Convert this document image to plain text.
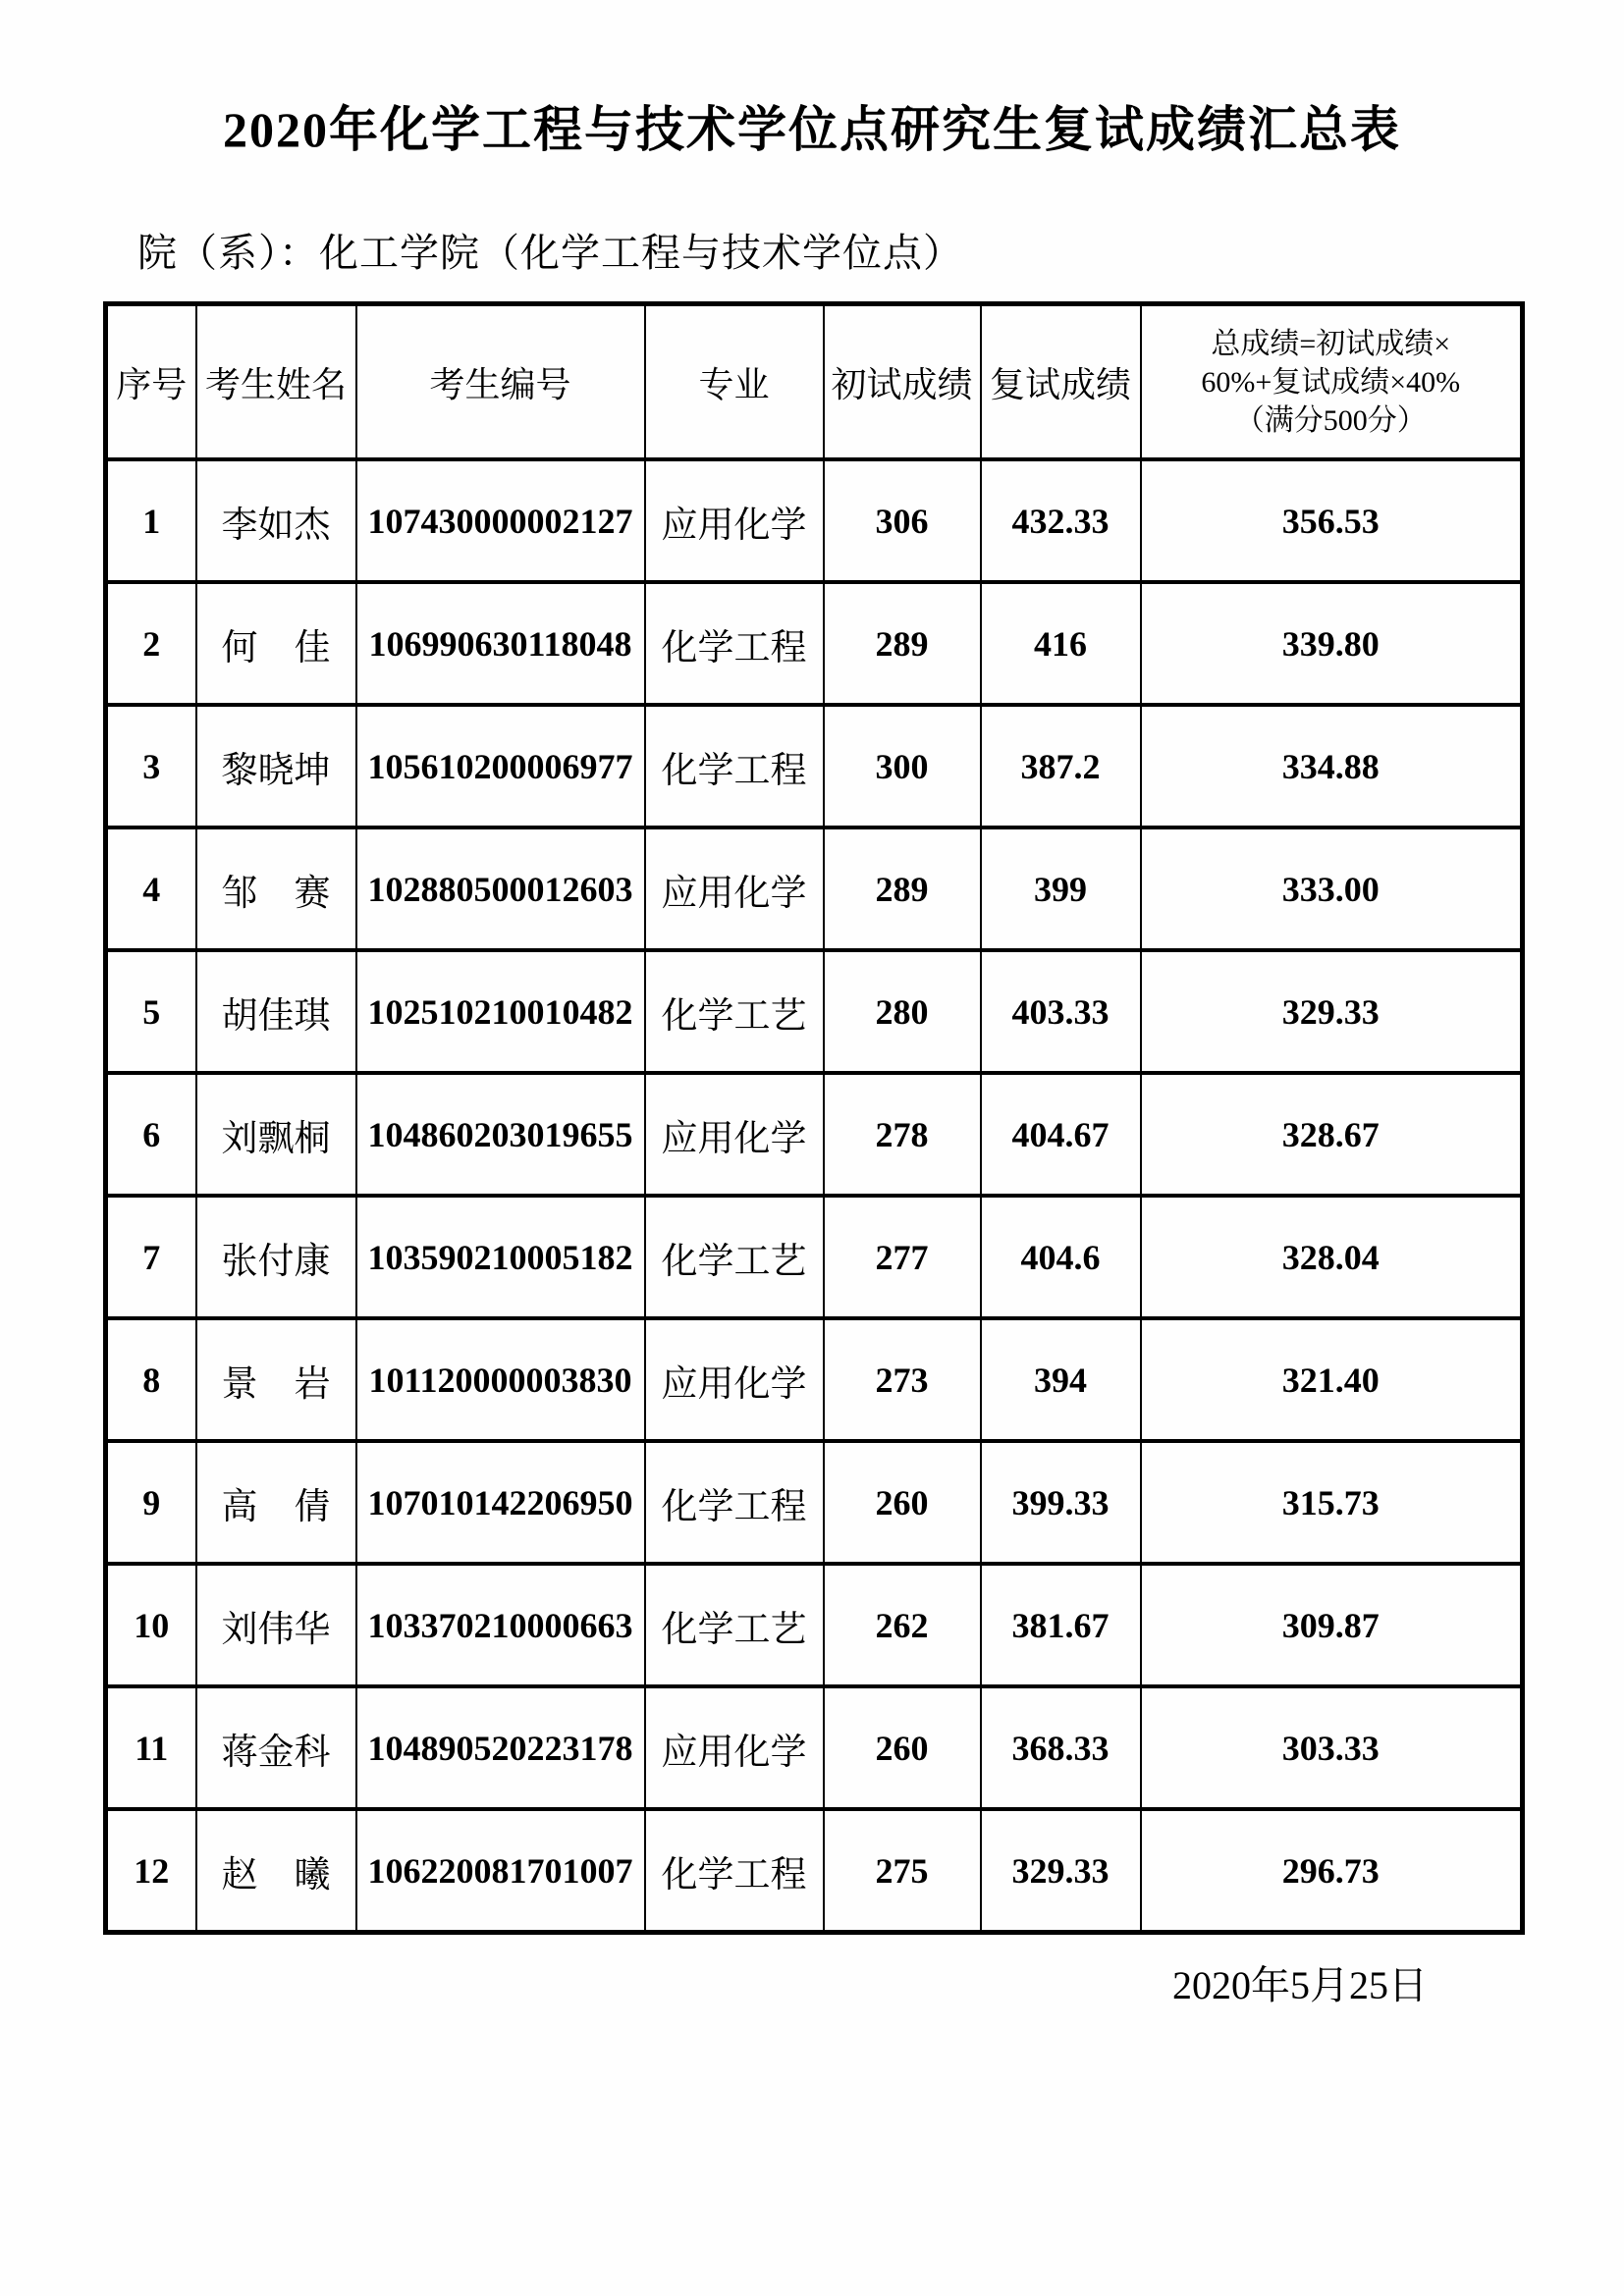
2020年化学工程与技术学位点研究生复试成绩汇总表
院（系）：化工学院（化学工程与技术学位点）
序号	考生姓名	考生编号	专业	初试成绩	复试成绩	总成绩=初试成绩×
60%+复试成绩×40%
（满分500分）

1	李如杰	107430000002127	应用化学	306	432.33	356.53
2	何　佳	106990630118048	化学工程	289	416	339.80
3	黎晓坤	105610200006977	化学工程	300	387.2	334.88
4	邹　赛	102880500012603	应用化学	289	399	333.00
5	胡佳琪	102510210010482	化学工艺	280	403.33	329.33
6	刘飘桐	104860203019655	应用化学	278	404.67	328.67
7	张付康	103590210005182	化学工艺	277	404.6	328.04
8	景　岩	101120000003830	应用化学	273	394	321.40
9	高　倩	107010142206950	化学工程	260	399.33	315.73
10	刘伟华	103370210000663	化学工艺	262	381.67	309.87
11	蒋金科	104890520223178	应用化学	260	368.33	303.33
12	赵　曦	106220081701007	化学工程	275	329.33	296.73
2020年5月25日
